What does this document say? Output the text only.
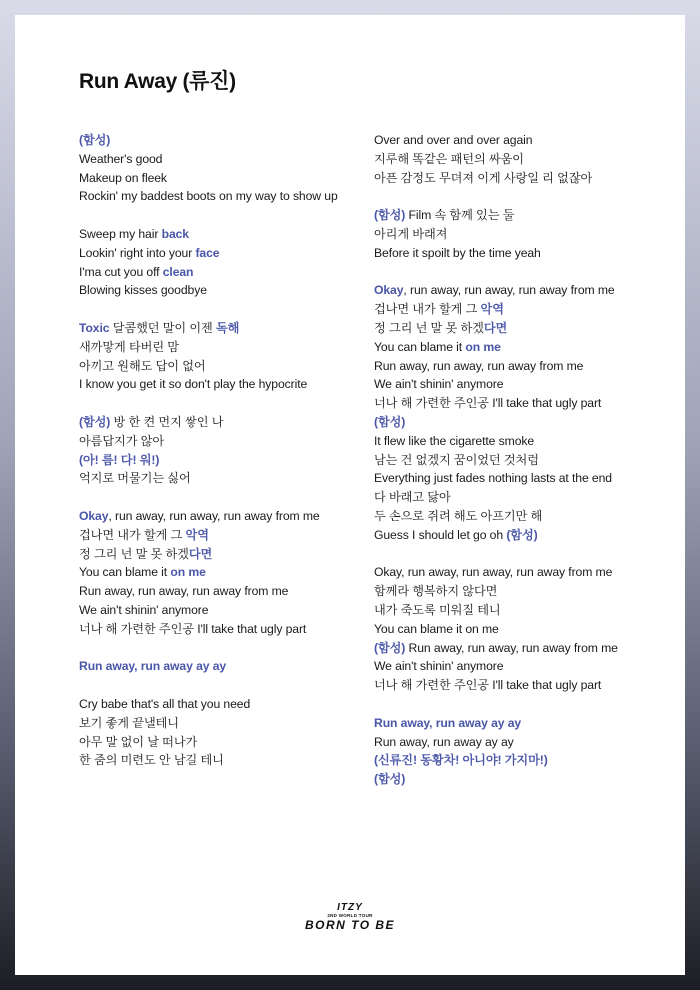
Run Away (류진)
(함성)
Weather's good
Makeup on fleek
Rockin' my baddest boots on my way to show up
Sweep my hair back
Lookin' right into your face
I'ma cut you off clean
Blowing kisses goodbye
Toxic 달콤했던 말이 이젠 독해
새까맣게 타버린 맘
아끼고 원해도 답이 없어
I know you get it so don't play the hypocrite
(함성) 방 한 켠 먼지 쌓인 나
아름답지가 않아
(아! 름! 다! 워!)
억지로 머물기는 싫어
Okay, run away, run away, run away from me
겁나면 내가 할게 그 악역
정 그리 넌 말 못 하겠다면
You can blame it on me
Run away, run away, run away from me
We ain't shinin' anymore
너나 해 가련한 주인공 I'll take that ugly part
Run away, run away ay ay
Cry babe that's all that you need
보기 좋게 끝낼테니
아무 말 없이 날 떠나가
한 줌의 미련도 안 남길 테니
Over and over and over again
지루해 똑같은 패턴의 싸움이
아픈 감정도 무뎌져 이게 사랑일 리 없잖아
(함성) Film 속 함께 있는 둘
아리게 바래져
Before it spoilt by the time yeah
Okay, run away, run away, run away from me
겁나면 내가 할게 그 악역
정 그리 넌 말 못 하겠다면
You can blame it on me
Run away, run away, run away from me
We ain't shinin' anymore
너나 해 가련한 주인공 I'll take that ugly part
(함성)
It flew like the cigarette smoke
남는 건 없겠지 꿈이었던 것처럼
Everything just fades nothing lasts at the end
다 바래고 닳아
두 손으로 쥐려 해도 아프기만 해
Guess I should let go oh (함성)
Okay, run away, run away, run away from me
함께라 행복하지 않다면
내가 죽도록 미워질 테니
You can blame it on me
(함성) Run away, run away, run away from me
We ain't shinin' anymore
너나 해 가련한 주인공 I'll take that ugly part
Run away, run away ay ay
Run away, run away ay ay
(신류진! 동황차! 아니야! 가지마!)
(함성)
ITZY
2ND WORLD TOUR
BORN TO BE
